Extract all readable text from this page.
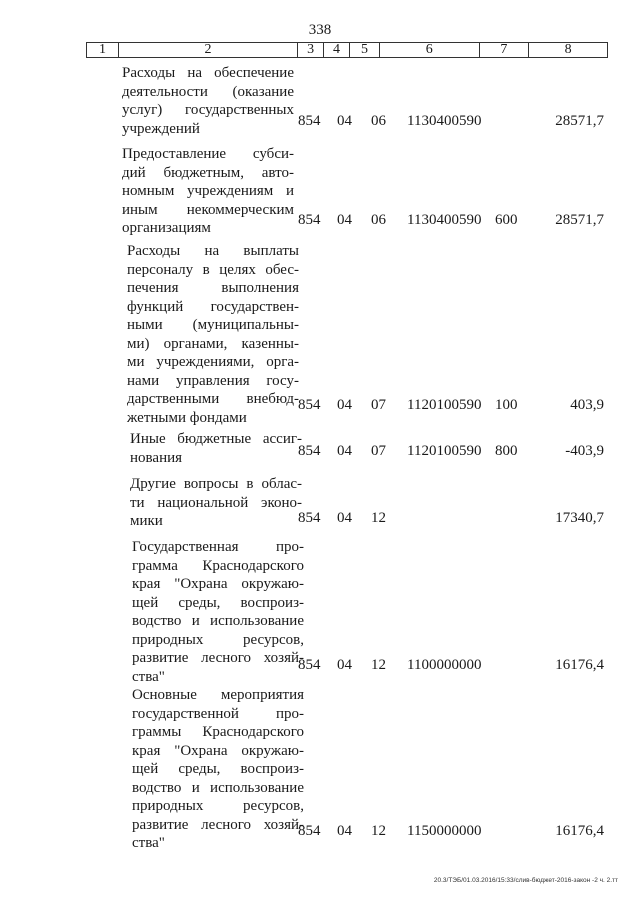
338
1	2	3	4	5	6	7	8
Расходы на обеспечение
деятельности (оказание
услуг) государственных
учреждений	854 04 06 1130400590	28571,7
Предоставление субси-
дий бюджетным, авто-
номным учреждениям и
иным некоммерческим
организациям	854 04 06 1130400590 600	28571,7
Расходы на выплаты
персоналу в целях обес-
печения выполнения
функций государствен-
ными (муниципальны-
ми) органами, казенны-
ми учреждениями, орга-
нами управления госу-
дарственными внебюд-
жетными фондами
854 04 07 1120100590 100	403,9
Иные бюджетные ассиг-
нования	854 04 07 1120100590 800	-403,9
Другие вопросы в облас-
ти национальной эконо-
мики	854 04 12	17340,7
Государственная про-
грамма Краснодарского
края "Охрана окружаю-
щей среды, воспроиз-
водство и использование
природных ресурсов,
развитие лесного хозяй-
ства"
854 04 12 1100000000	16176,4
Основные мероприятия
государственной про-
граммы Краснодарского
края "Охрана окружаю-
щей среды, воспроиз-
водство и использование
природных ресурсов,
развитие лесного хозяй-
ства"
854 04 12 1150000000	16176,4
20.3/ТЭБ/01.03.2016/15:33/слив-бюджет-2016-закон -2 ч. 2.тт
